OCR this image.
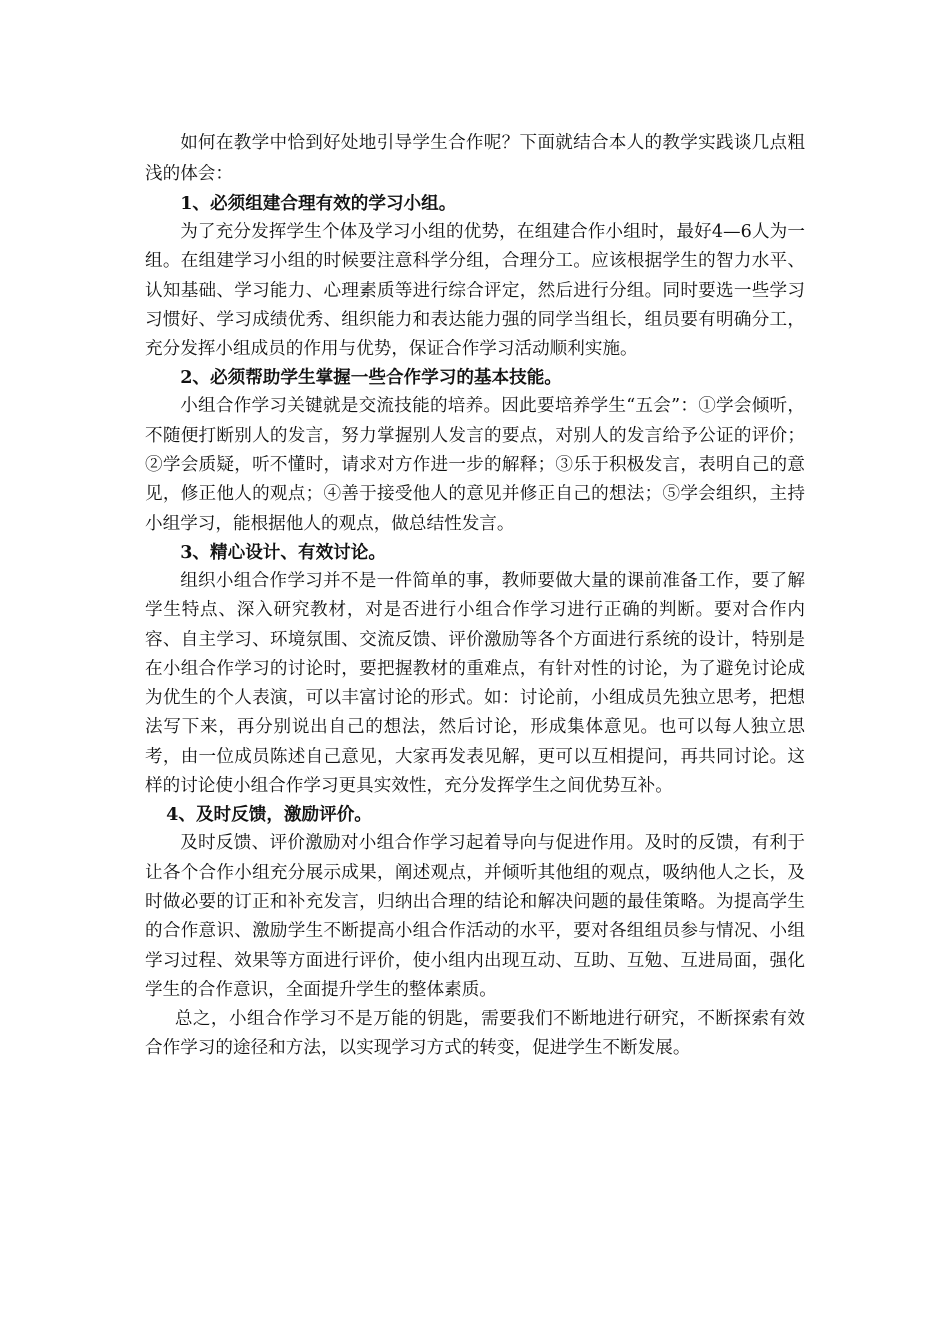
如何在教学中恰到好处地引导学生合作呢？下面就结合本人的教学实践谈几点粗浅的体会：

1、必须组建合理有效的学习小组。

为了充分发挥学生个体及学习小组的优势，在组建合作小组时，最好4—6人为一组。在组建学习小组的时候要注意科学分组，合理分工。应该根据学生的智力水平、认知基础、学习能力、心理素质等进行综合评定，然后进行分组。同时要选一些学习习惯好、学习成绩优秀、组织能力和表达能力强的同学当组长，组员要有明确分工，充分发挥小组成员的作用与优势，保证合作学习活动顺利实施。

2、必须帮助学生掌握一些合作学习的基本技能。

小组合作学习关键就是交流技能的培养。因此要培养学生“五会”：①学会倾听，不随便打断别人的发言，努力掌握别人发言的要点，对别人的发言给予公证的评价；②学会质疑，听不懂时，请求对方作进一步的解释；③乐于积极发言，表明自己的意见，修正他人的观点；④善于接受他人的意见并修正自己的想法；⑤学会组织，主持小组学习，能根据他人的观点，做总结性发言。

3、精心设计、有效讨论。

组织小组合作学习并不是一件简单的事，教师要做大量的课前准备工作，要了解学生特点、深入研究教材，对是否进行小组合作学习进行正确的判断。要对合作内容、自主学习、环境氛围、交流反馈、评价激励等各个方面进行系统的设计，特别是在小组合作学习的讨论时，要把握教材的重难点，有针对性的讨论，为了避免讨论成为优生的个人表演，可以丰富讨论的形式。如：讨论前，小组成员先独立思考，把想法写下来，再分别说出自己的想法，然后讨论，形成集体意见。也可以每人独立思考，由一位成员陈述自己意见，大家再发表见解，更可以互相提问，再共同讨论。这样的讨论使小组合作学习更具实效性，充分发挥学生之间优势互补。

4、及时反馈，激励评价。

及时反馈、评价激励对小组合作学习起着导向与促进作用。及时的反馈，有利于让各个合作小组充分展示成果，阐述观点，并倾听其他组的观点，吸纳他人之长，及时做必要的订正和补充发言，归纳出合理的结论和解决问题的最佳策略。为提高学生的合作意识、激励学生不断提高小组合作活动的水平，要对各组组员参与情况、小组学习过程、效果等方面进行评价，使小组内出现互动、互助、互勉、互进局面，强化学生的合作意识，全面提升学生的整体素质。

总之，小组合作学习不是万能的钥匙，需要我们不断地进行研究，不断探索有效合作学习的途径和方法，以实现学习方式的转变，促进学生不断发展。
